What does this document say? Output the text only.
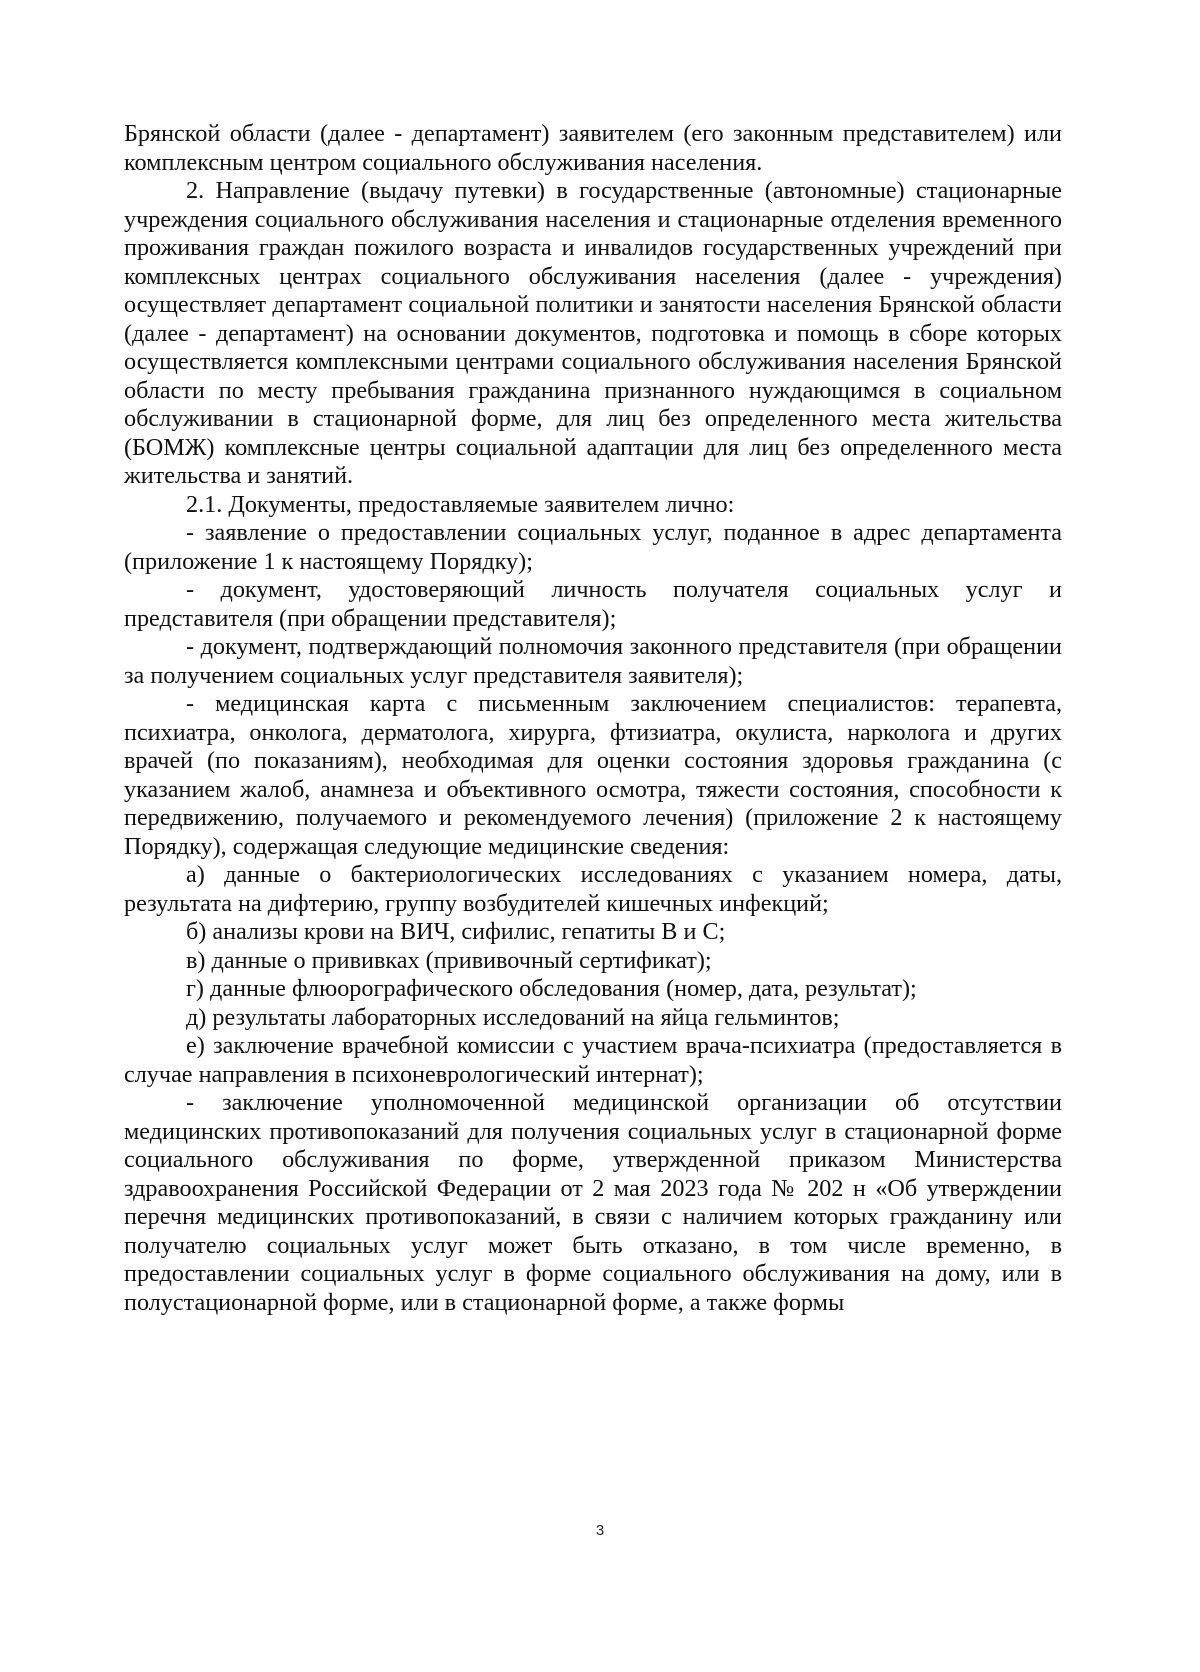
Брянской области (далее - департамент) заявителем (его законным представителем) или комплексным центром социального обслуживания населения.

2. Направление (выдачу путевки) в государственные (автономные) стационарные учреждения социального обслуживания населения и стационарные отделения временного проживания граждан пожилого возраста и инвалидов государственных учреждений при комплексных центрах социального обслуживания населения (далее - учреждения) осуществляет департамент социальной политики и занятости населения Брянской области (далее - департамент) на основании документов, подготовка и помощь в сборе которых осуществляется комплексными центрами социального обслуживания населения Брянской области по месту пребывания гражданина признанного нуждающимся в социальном обслуживании в стационарной форме, для лиц без определенного места жительства (БОМЖ) комплексные центры социальной адаптации для лиц без определенного места жительства и занятий.

2.1. Документы, предоставляемые заявителем лично:

- заявление о предоставлении социальных услуг, поданное в адрес департамента (приложение 1 к настоящему Порядку);

- документ, удостоверяющий личность получателя социальных услуг и представителя (при обращении представителя);

- документ, подтверждающий полномочия законного представителя (при обращении за получением социальных услуг представителя заявителя);

- медицинская карта с письменным заключением специалистов: терапевта, психиатра, онколога, дерматолога, хирурга, фтизиатра, окулиста, нарколога и других врачей (по показаниям), необходимая для оценки состояния здоровья гражданина (с указанием жалоб, анамнеза и объективного осмотра, тяжести состояния, способности к передвижению, получаемого и рекомендуемого лечения) (приложение 2 к настоящему Порядку), содержащая следующие медицинские сведения:

а) данные о бактериологических исследованиях с указанием номера, даты, результата на дифтерию, группу возбудителей кишечных инфекций;

б) анализы крови на ВИЧ, сифилис, гепатиты В и С;

в) данные о прививках (прививочный сертификат);

г) данные флюорографического обследования (номер, дата, результат);

д) результаты лабораторных исследований на яйца гельминтов;

е) заключение врачебной комиссии с участием врача-психиатра (предоставляется в случае направления в психоневрологический интернат);

- заключение уполномоченной медицинской организации об отсутствии медицинских противопоказаний для получения социальных услуг в стационарной форме социального обслуживания по форме, утвержденной приказом Министерства здравоохранения Российской Федерации от 2 мая 2023 года № 202 н «Об утверждении перечня медицинских противопоказаний, в связи с наличием которых гражданину или получателю социальных услуг может быть отказано, в том числе временно, в предоставлении социальных услуг в форме социального обслуживания на дому, или в полустационарной форме, или в стационарной форме, а также формы

3
